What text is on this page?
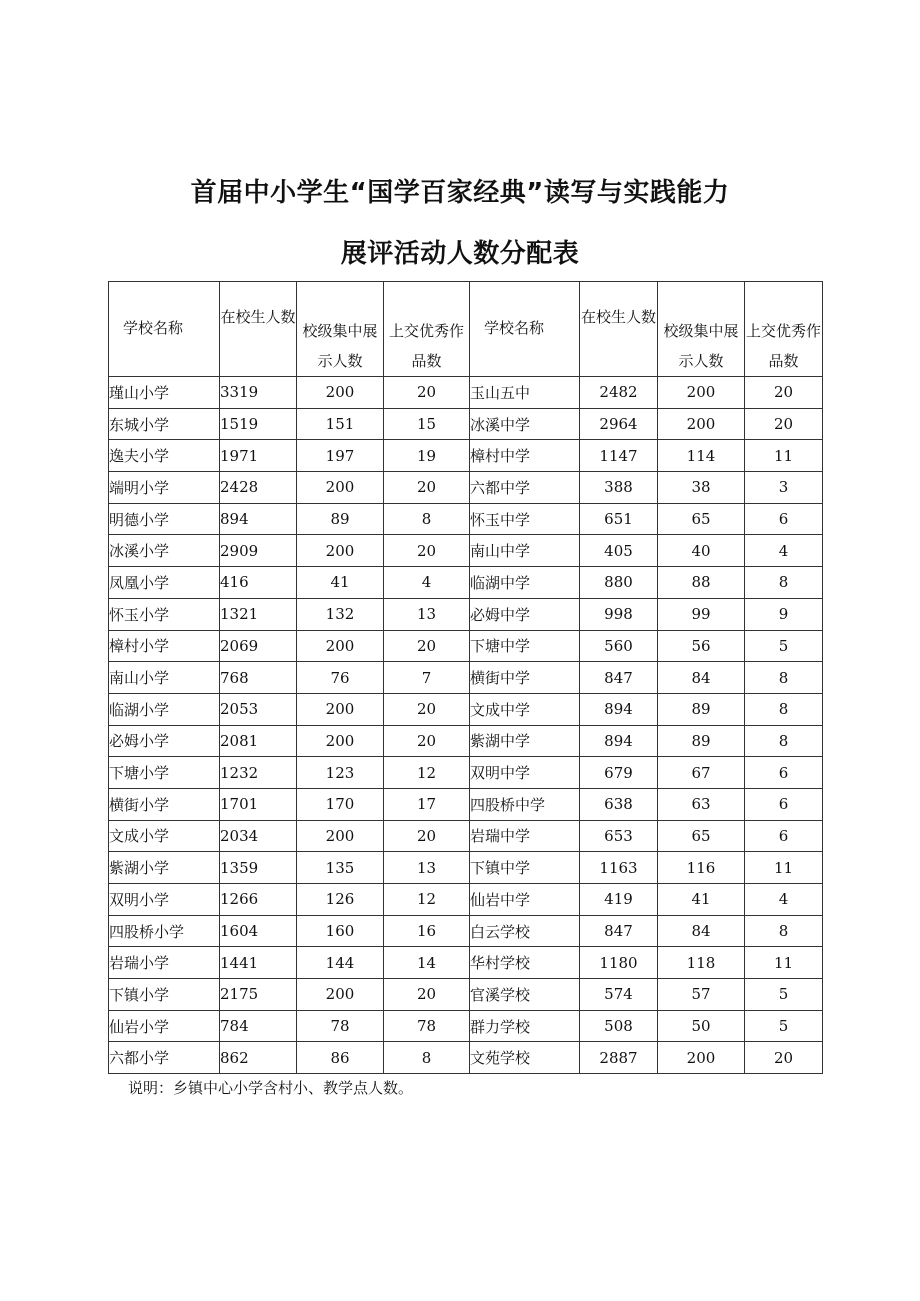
首届中小学生“国学百家经典”读写与实践能力
展评活动人数分配表
学校名称	在校生人数	校级集中展示人数	上交优秀作品数	学校名称	在校生人数	校级集中展示人数	上交优秀作品数
瑾山小学	3319	200	20	玉山五中	2482	200	20
东城小学	1519	151	15	冰溪中学	2964	200	20
逸夫小学	1971	197	19	樟村中学	1147	114	11
端明小学	2428	200	20	六都中学	388	38	3
明德小学	894	89	8	怀玉中学	651	65	6
冰溪小学	2909	200	20	南山中学	405	40	4
凤凰小学	416	41	4	临湖中学	880	88	8
怀玉小学	1321	132	13	必姆中学	998	99	9
樟村小学	2069	200	20	下塘中学	560	56	5
南山小学	768	76	7	横街中学	847	84	8
临湖小学	2053	200	20	文成中学	894	89	8
必姆小学	2081	200	20	紫湖中学	894	89	8
下塘小学	1232	123	12	双明中学	679	67	6
横街小学	1701	170	17	四股桥中学	638	63	6
文成小学	2034	200	20	岩瑞中学	653	65	6
紫湖小学	1359	135	13	下镇中学	1163	116	11
双明小学	1266	126	12	仙岩中学	419	41	4
四股桥小学	1604	160	16	白云学校	847	84	8
岩瑞小学	1441	144	14	华村学校	1180	118	11
下镇小学	2175	200	20	官溪学校	574	57	5
仙岩小学	784	78	78	群力学校	508	50	5
六都小学	862	86	8	文苑学校	2887	200	20
说明：乡镇中心小学含村小、教学点人数。
